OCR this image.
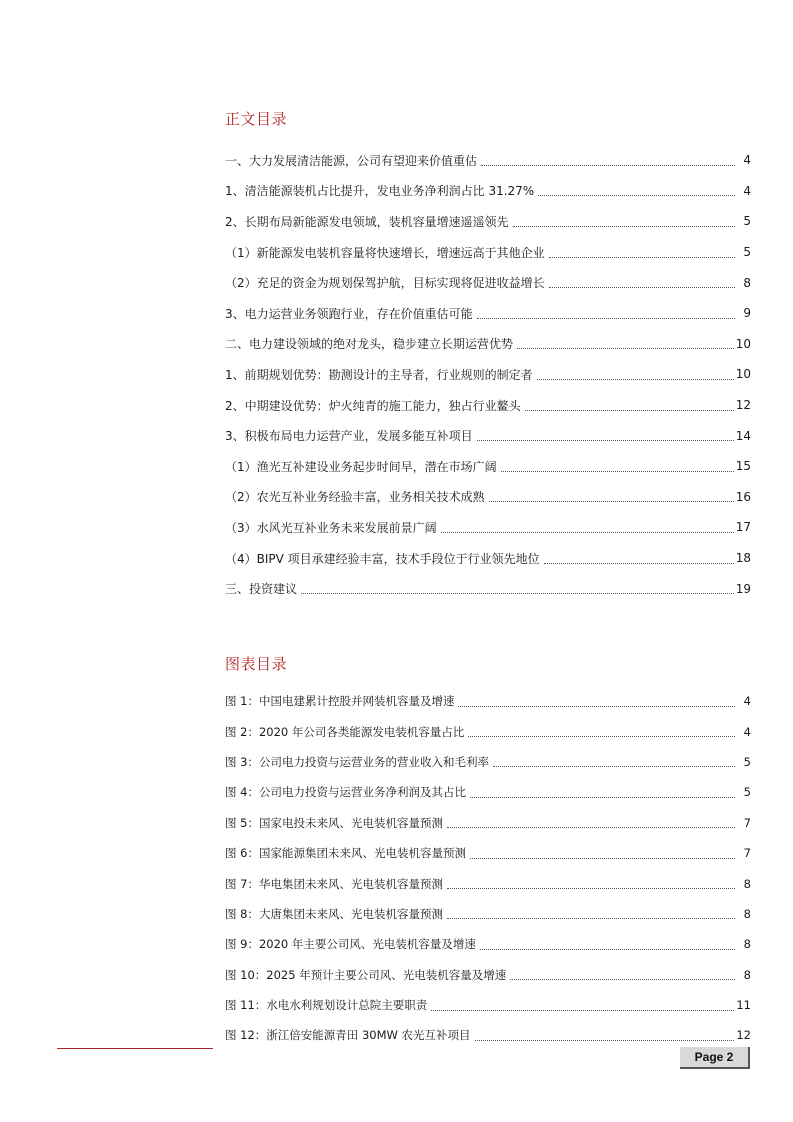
正文目录
一、大力发展清洁能源，公司有望迎来价值重估	4
1、清洁能源装机占比提升，发电业务净利润占比 31.27%	4
2、长期布局新能源发电领域，装机容量增速遥遥领先	5
（1）新能源发电装机容量将快速增长，增速远高于其他企业	5
（2）充足的资金为规划保驾护航，目标实现将促进收益增长	8
3、电力运营业务领跑行业，存在价值重估可能	9
二、电力建设领域的绝对龙头，稳步建立长期运营优势	10
1、前期规划优势：勘测设计的主导者，行业规则的制定者	10
2、中期建设优势：炉火纯青的施工能力，独占行业鳌头	12
3、积极布局电力运营产业，发展多能互补项目	14
（1）渔光互补建设业务起步时间早，潜在市场广阔	15
（2）农光互补业务经验丰富，业务相关技术成熟	16
（3）水风光互补业务未来发展前景广阔	17
（4）BIPV 项目承建经验丰富，技术手段位于行业领先地位	18
三、投资建议	19
图表目录
图 1：中国电建累计控股并网装机容量及增速	4
图 2：2020 年公司各类能源发电装机容量占比	4
图 3：公司电力投资与运营业务的营业收入和毛利率	5
图 4：公司电力投资与运营业务净利润及其占比	5
图 5：国家电投未来风、光电装机容量预测	7
图 6：国家能源集团未来风、光电装机容量预测	7
图 7：华电集团未来风、光电装机容量预测	8
图 8：大唐集团未来风、光电装机容量预测	8
图 9：2020 年主要公司风、光电装机容量及增速	8
图 10：2025 年预计主要公司风、光电装机容量及增速	8
图 11：水电水利规划设计总院主要职责	11
图 12：浙江倍安能源青田 30MW 农光互补项目	12
Page 2
